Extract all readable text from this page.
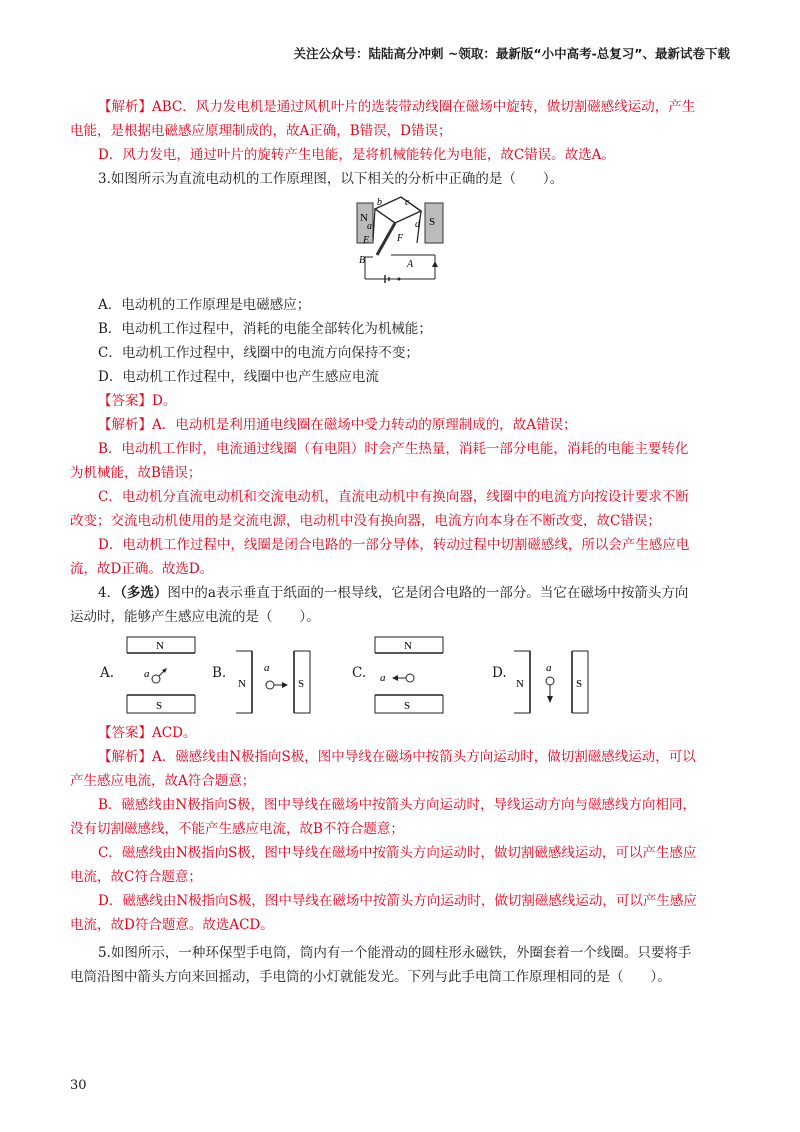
关注公众号：陆陆高分冲刺 ~领取：最新版“小中高考-总复习”、最新试卷下载

【解析】ABC．风力发电机是通过风机叶片的选装带动线圈在磁场中旋转，做切割磁感线运动，产生

电能，是根据电磁感应原理制成的，故A正确，B错误，D错误；

D．风力发电，通过叶片的旋转产生电能，是将机械能转化为电能，故C错误。故选A。

3.如图所示为直流电动机的工作原理图，以下相关的分析中正确的是（　　）。

N	S
b c
a	d
E	F
B	A

A．电动机的工作原理是电磁感应；

B．电动机工作过程中，消耗的电能全部转化为机械能；

C．电动机工作过程中，线圈中的电流方向保持不变；

D．电动机工作过程中，线圈中也产生感应电流

【答案】D。

【解析】A．电动机是利用通电线圈在磁场中受力转动的原理制成的，故A错误；

B．电动机工作时，电流通过线圈（有电阻）时会产生热量，消耗一部分电能，消耗的电能主要转化

为机械能，故B错误；

C．电动机分直流电动机和交流电动机，直流电动机中有换向器，线圈中的电流方向按设计要求不断

改变；交流电动机使用的是交流电源，电动机中没有换向器，电流方向本身在不断改变，故C错误；

D．电动机工作过程中，线圈是闭合电路的一部分导体，转动过程中切割磁感线，所以会产生感应电

流，故D正确。故选D。

4．（多选）图中的a表示垂直于纸面的一根导线，它是闭合电路的一部分。当它在磁场中按箭头方向

运动时，能够产生感应电流的是（　　）。

A.
N
a
S
B.
N
a
S
C.
N
a
S
D.
N
a
S

【答案】ACD。

【解析】A．磁感线由N极指向S极，图中导线在磁场中按箭头方向运动时，做切割磁感线运动，可以

产生感应电流，故A符合题意；

B．磁感线由N极指向S极，图中导线在磁场中按箭头方向运动时，导线运动方向与磁感线方向相同，

没有切割磁感线，不能产生感应电流，故B不符合题意；

C．磁感线由N极指向S极，图中导线在磁场中按箭头方向运动时，做切割磁感线运动，可以产生感应

电流，故C符合题意；

D．磁感线由N极指向S极，图中导线在磁场中按箭头方向运动时，做切割磁感线运动，可以产生感应

电流，故D符合题意。故选ACD。

5.如图所示，一种环保型手电筒，筒内有一个能滑动的圆柱形永磁铁，外圈套着一个线圈。只要将手

电筒沿图中箭头方向来回摇动，手电筒的小灯就能发光。下列与此手电筒工作原理相同的是（　　）。

30
